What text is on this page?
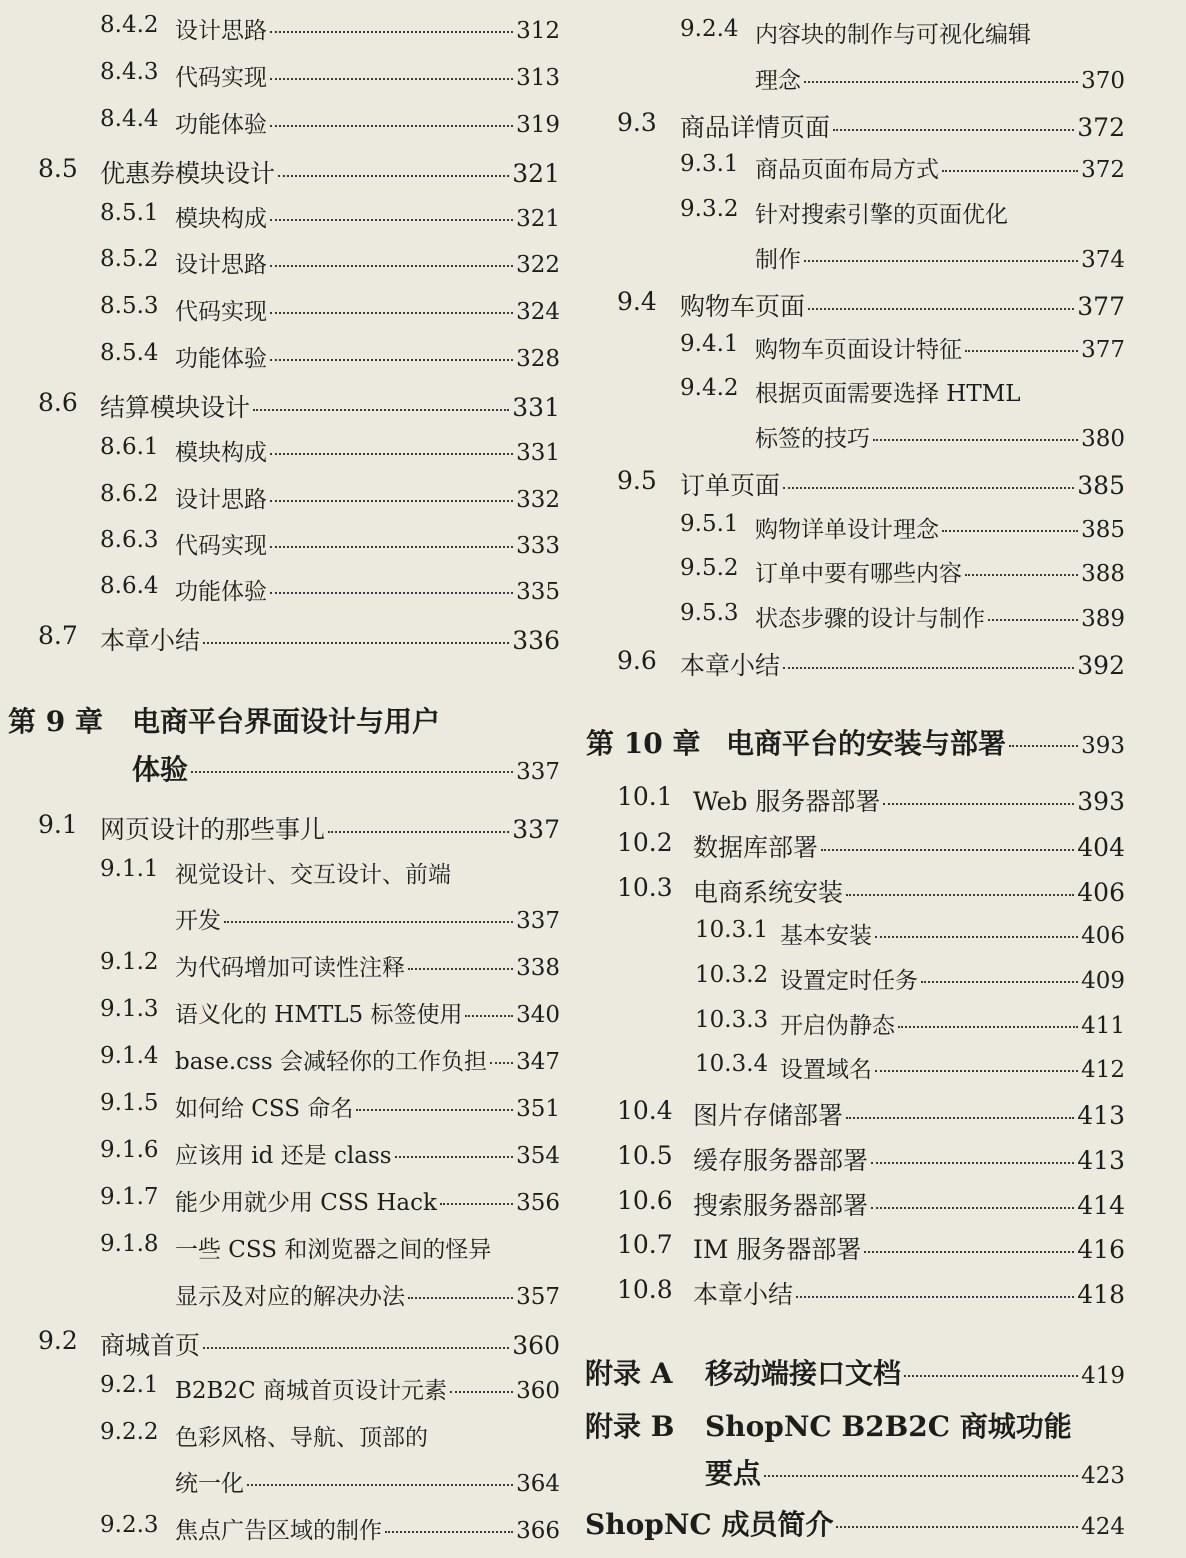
8.4.2 设计思路	312
8.4.3 代码实现	313
8.4.4 功能体验	319
8.5 优惠券模块设计	321
8.5.1 模块构成	321
8.5.2 设计思路	322
8.5.3 代码实现	324
8.5.4 功能体验	328
8.6 结算模块设计	331
8.6.1 模块构成	331
8.6.2 设计思路	332
8.6.3 代码实现	333
8.6.4 功能体验	335
8.7 本章小结	336
第 9 章 电商平台界面设计与用户
体验	337
9.1 网页设计的那些事儿	337
9.1.1 视觉设计、交互设计、前端
开发	337
9.1.2 为代码增加可读性注释	338
9.1.3 语义化的 HMTL5 标签使用 340
9.1.4 base.css 会减轻你的工作负担 347
9.1.5 如何给 CSS 命名	351
9.1.6 应该用 id 还是 class	354
9.1.7 能少用就少用 CSS Hack	356
9.1.8 一些 CSS 和浏览器之间的怪异
显示及对应的解决办法	357
9.2 商城首页	360
9.2.1 B2B2C 商城首页设计元素	360
9.2.2 色彩风格、导航、顶部的
统一化	364
9.2.3 焦点广告区域的制作	366
9.2.4 内容块的制作与可视化编辑
理念	370
9.3 商品详情页面	372
9.3.1 商品页面布局方式	372
9.3.2 针对搜索引擎的页面优化
制作	374
9.4 购物车页面	377
9.4.1 购物车页面设计特征	377
9.4.2 根据页面需要选择 HTML
标签的技巧	380
9.5 订单页面	385
9.5.1 购物详单设计理念	385
9.5.2 订单中要有哪些内容	388
9.5.3 状态步骤的设计与制作	389
9.6 本章小结	392
第 10 章 电商平台的安装与部署	393
10.1 Web 服务器部署	393
10.2 数据库部署	404
10.3 电商系统安装	406
10.3.1 基本安装	406
10.3.2 设置定时任务	409
10.3.3 开启伪静态	411
10.3.4 设置域名	412
10.4 图片存储部署	413
10.5 缓存服务器部署	413
10.6 搜索服务器部署	414
10.7 IM 服务器部署	416
10.8 本章小结	418
附录 A 移动端接口文档	419
附录 B ShopNC B2B2C 商城功能
要点	423
ShopNC 成员简介	424
